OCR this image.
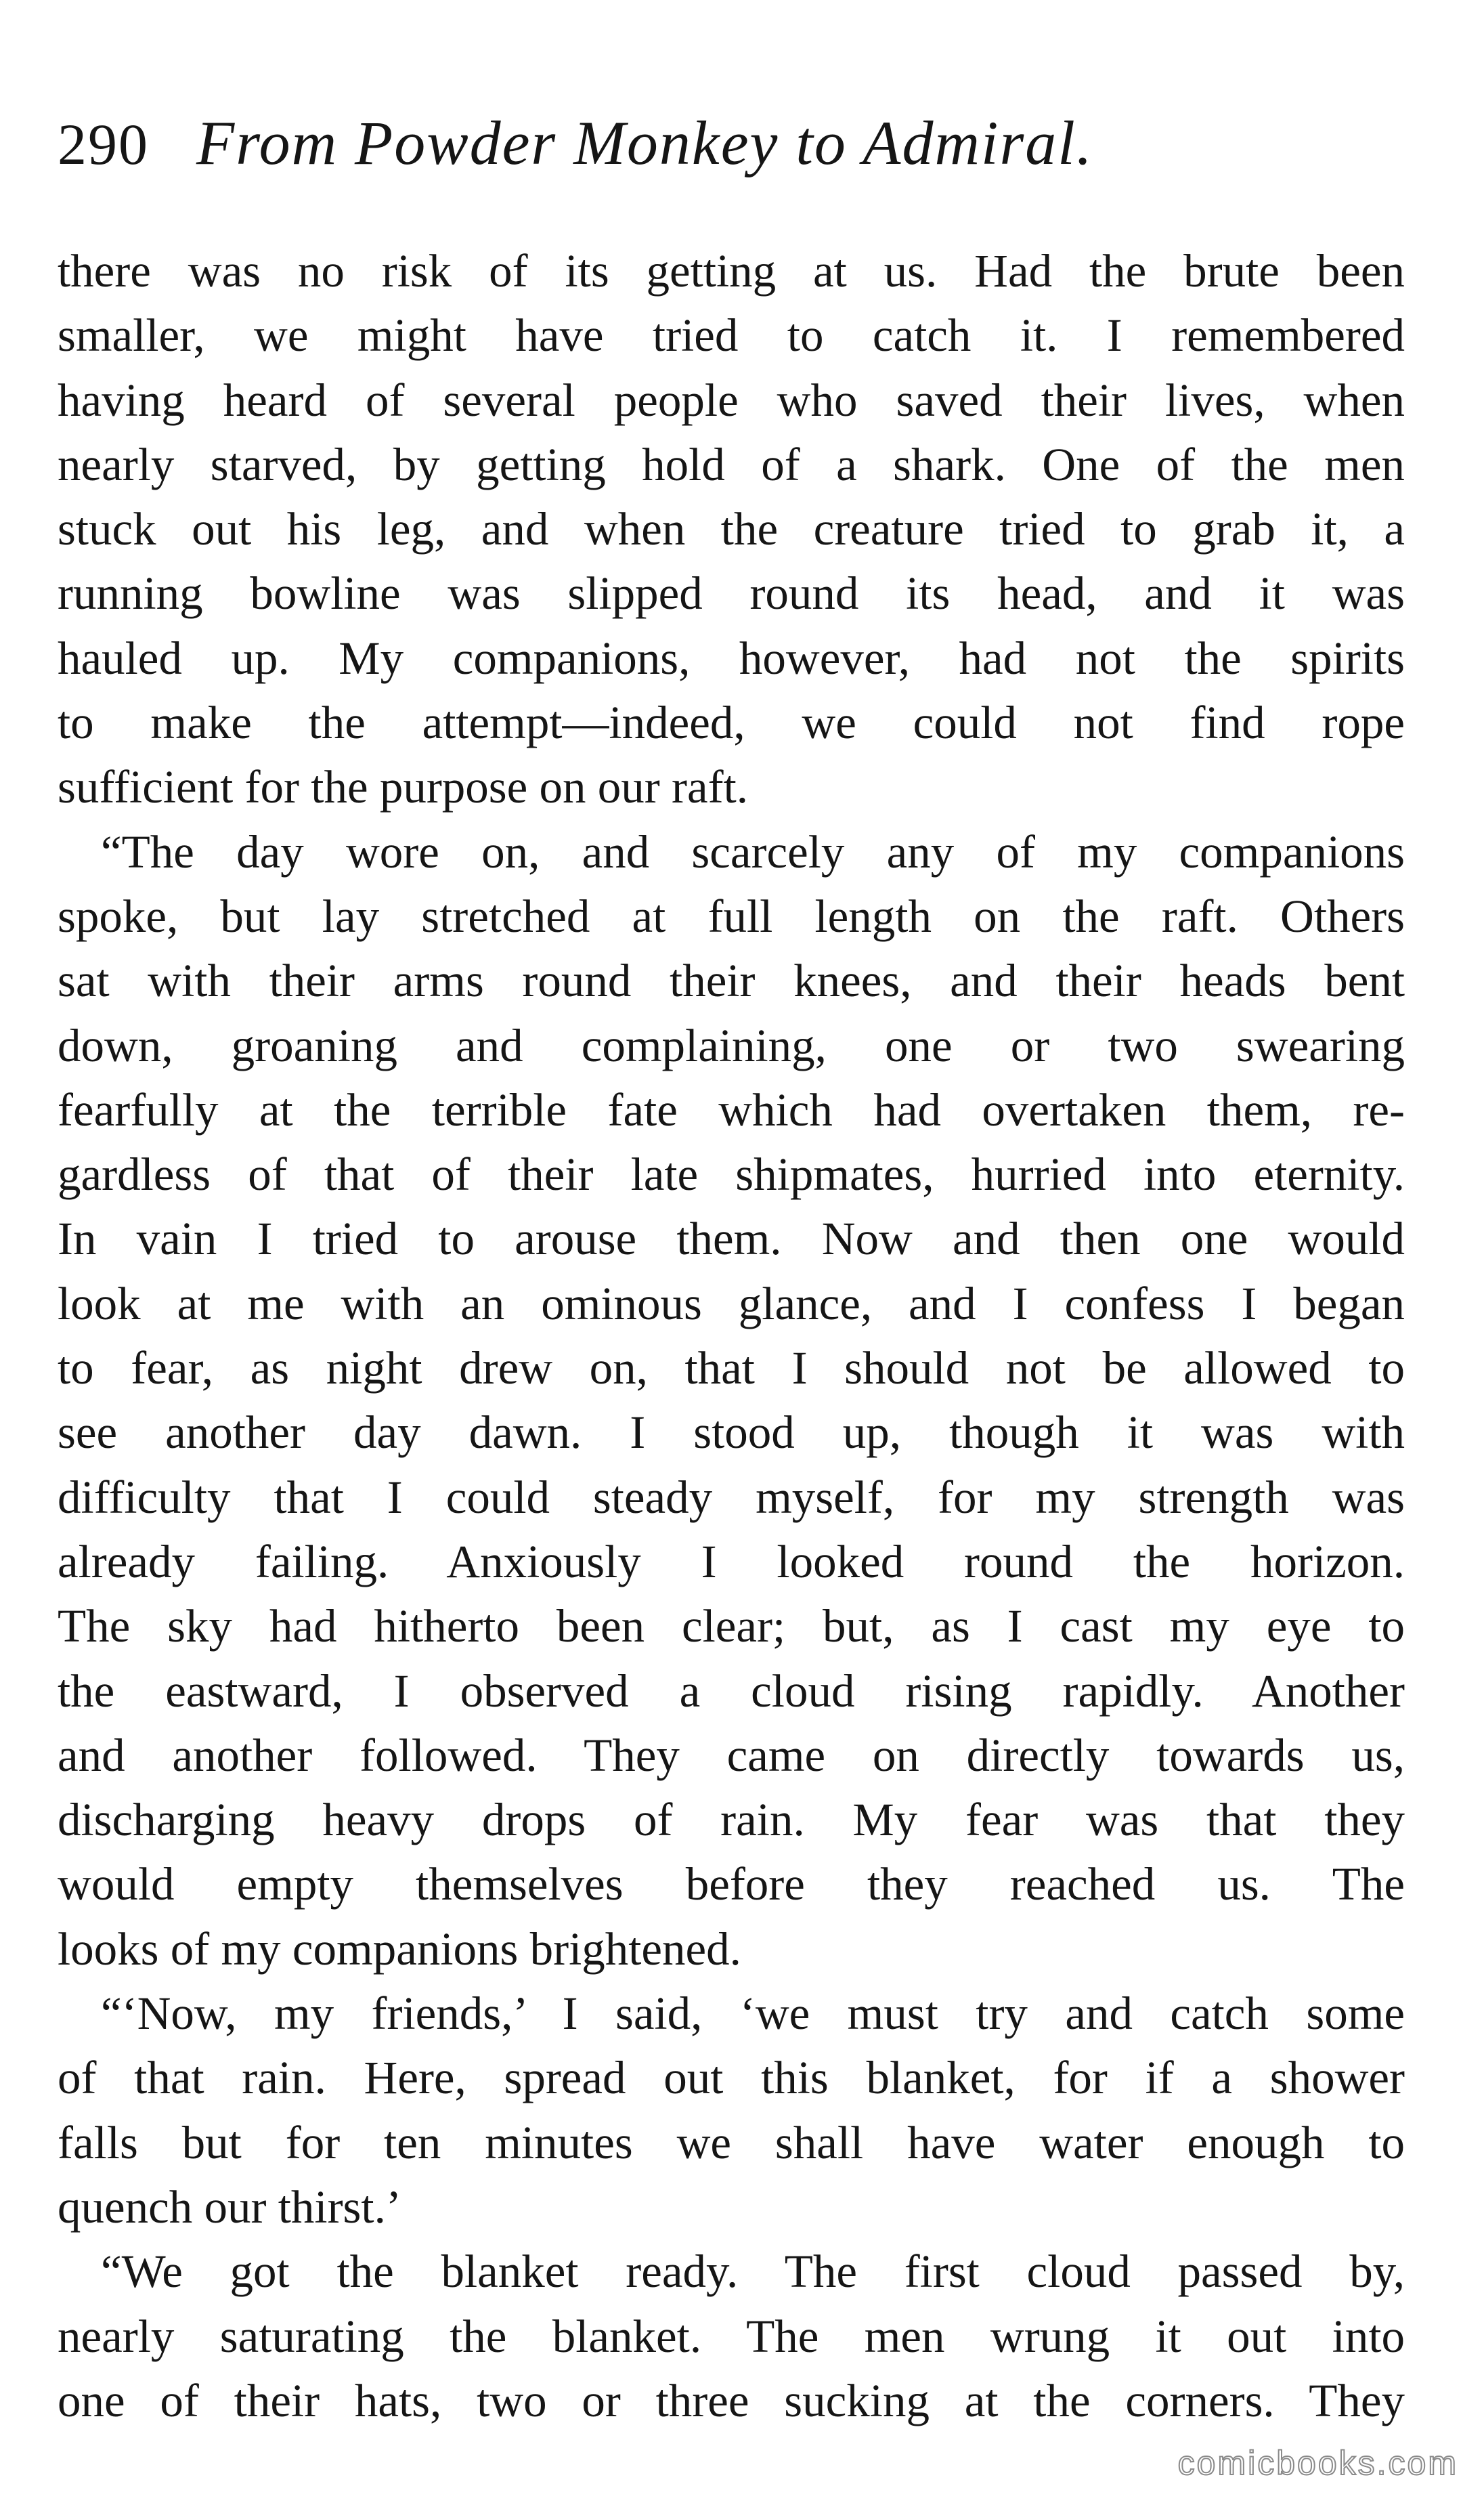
290 From Powder Monkey to Admiral.
there was no risk of its getting at us. Had the brute been
smaller, we might have tried to catch it. I remembered
having heard of several people who saved their lives, when
nearly starved, by getting hold of a shark. One of the men
stuck out his leg, and when the creature tried to grab it, a
running bowline was slipped round its head, and it was
hauled up. My companions, however, had not the spirits
to make the attempt—indeed, we could not find rope
sufficient for the purpose on our raft.
“The day wore on, and scarcely any of my companions
spoke, but lay stretched at full length on the raft. Others
sat with their arms round their knees, and their heads bent
down, groaning and complaining, one or two swearing
fearfully at the terrible fate which had overtaken them, re-
gardless of that of their late shipmates, hurried into eternity.
In vain I tried to arouse them. Now and then one would
look at me with an ominous glance, and I confess I began
to fear, as night drew on, that I should not be allowed to
see another day dawn. I stood up, though it was with
difficulty that I could steady myself, for my strength was
already failing. Anxiously I looked round the horizon.
The sky had hitherto been clear; but, as I cast my eye to
the eastward, I observed a cloud rising rapidly. Another
and another followed. They came on directly towards us,
discharging heavy drops of rain. My fear was that they
would empty themselves before they reached us. The
looks of my companions brightened.
“‘Now, my friends,’ I said, ‘we must try and catch some
of that rain. Here, spread out this blanket, for if a shower
falls but for ten minutes we shall have water enough to
quench our thirst.’
“We got the blanket ready. The first cloud passed by,
nearly saturating the blanket. The men wrung it out into
one of their hats, two or three sucking at the corners. They
comicbooks.com
